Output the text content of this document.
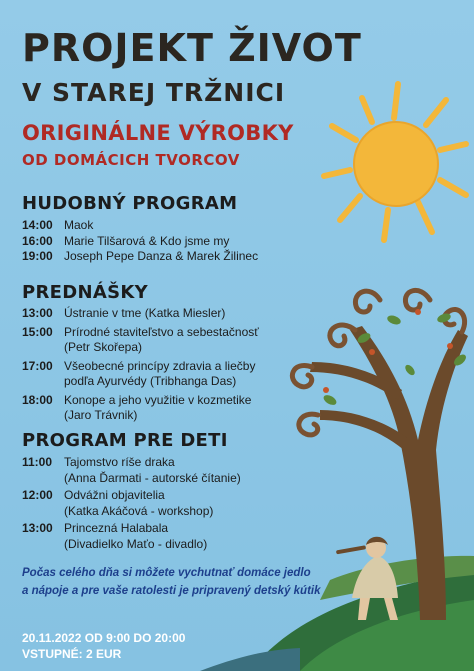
PROJEKT ŽIVOT
V STAREJ TRŽNICI
ORIGINÁLNE VÝROBKY
OD DOMÁCICH TVORCOV
HUDOBNÝ PROGRAM
14:00 Maok
16:00 Marie Tilšarová & Kdo jsme my
19:00 Joseph Pepe Danza & Marek Žilinec
PREDNÁŠKY
13:00 Ústranie v tme (Katka Miesler)
15:00 Prírodné staviteľstvo a sebestačnosť
(Petr Skořepa)
17:00 Všeobecné princípy zdravia a liečby
podľa Ayurvédy (Tribhanga Das)
18:00 Konope a jeho využitie v kozmetike
(Jaro Trávnik)
PROGRAM PRE DETI
11:00 Tajomstvo ríše draka
(Anna Ďarmati - autorské čítanie)
12:00 Odvážni objavitelia
(Katka Akáčová - workshop)
13:00 Princezná Halabala
(Divadielko Maťo - divadlo)
Počas celého dňa si môžete vychutnať domáce jedlo
a nápoje a pre vaše ratolesti je pripravený detský kútik
20.11.2022 OD 9:00 DO 20:00
VSTUPNÉ: 2 EUR
